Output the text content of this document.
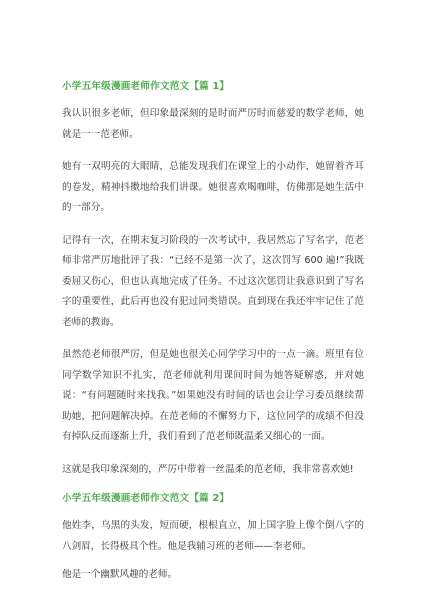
小学五年级漫画老师作文范文【篇 1】

我认识很多老师，但印象最深刻的是时而严厉时而慈爱的数学老师，她就是一一范老师。

她有一双明亮的大眼睛，总能发现我们在课堂上的小动作，她留着齐耳的卷发，精神抖擞地给我们讲课。她很喜欢喝咖啡，仿佛那是她生活中的一部分。

记得有一次，在期末复习阶段的一次考试中，我居然忘了写名字，范老师非常严厉地批评了我：“已经不是第一次了，这次罚写 600 遍!”我既委屈又伤心，但也认真地完成了任务。不过这次惩罚让我意识到了写名字的重要性，此后再也没有犯过同类错误。直到现在我还牢牢记住了范老师的教诲。

虽然范老师很严厉，但是她也很关心同学学习中的一点一滴。班里有位同学数学知识不扎实，范老师就利用课间时间为她答疑解惑，并对她说：“有问题随时来找我。”如果她没有时间的话也会让学习委员继续帮助她，把问题解决掉。在范老师的不懈努力下，这位同学的成绩不但没有掉队反而逐渐上升，我们看到了范老师既温柔又细心的一面。

这就是我印象深刻的，严厉中带着一丝温柔的范老师，我非常喜欢她!

小学五年级漫画老师作文范文【篇 2】

他姓李，乌黑的头发，短而硬，根根直立，加上国字脸上像个倒八字的八剑眉，长得极具个性。他是我辅习班的老师——李老师。

他是一个幽默风趣的老师。
